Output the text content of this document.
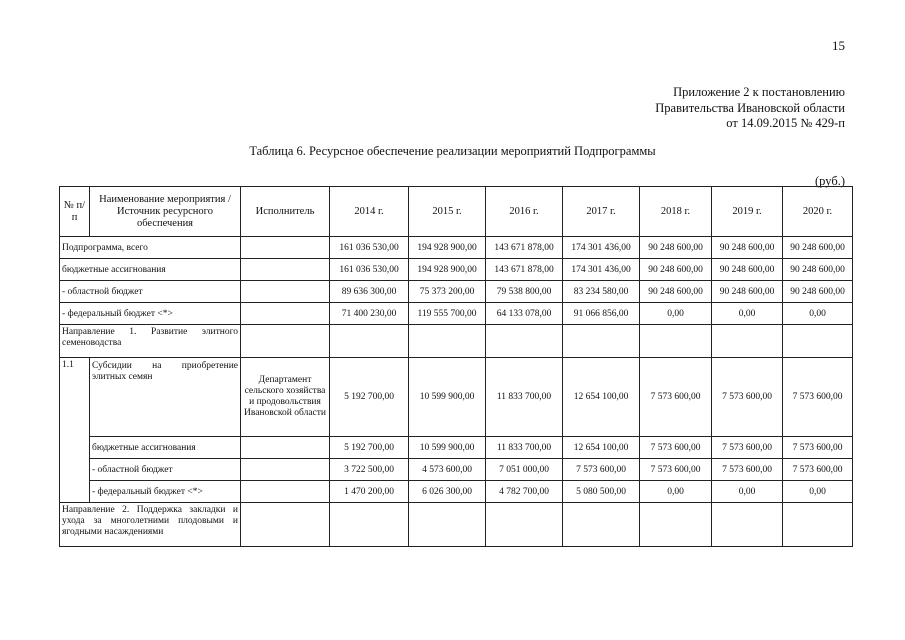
15
Приложение 2 к постановлению
Правительства Ивановской области
от 14.09.2015 № 429-п
Таблица 6. Ресурсное обеспечение реализации мероприятий Подпрограммы
(руб.)
№ п/п	Наименование мероприятия / Источник ресурсного обеспечения	Исполнитель	2014 г.	2015 г.	2016 г.	2017 г.	2018 г.	2019 г.	2020 г.
Подпрограмма, всего			161 036 530,00	194 928 900,00	143 671 878,00	174 301 436,00	90 248 600,00	90 248 600,00	90 248 600,00
бюджетные ассигнования			161 036 530,00	194 928 900,00	143 671 878,00	174 301 436,00	90 248 600,00	90 248 600,00	90 248 600,00
- областной бюджет			89 636 300,00	75 373 200,00	79 538 800,00	83 234 580,00	90 248 600,00	90 248 600,00	90 248 600,00
- федеральный бюджет <*>			71 400 230,00	119 555 700,00	64 133 078,00	91 066 856,00	0,00	0,00	0,00
Направление 1. Развитие элитного семеноводства									
1.1	Субсидии на приобретение элитных семян	Департамент сельского хозяйства и продовольствия Ивановской области	5 192 700,00	10 599 900,00	11 833 700,00	12 654 100,00	7 573 600,00	7 573 600,00	7 573 600,00
	бюджетные ассигнования		5 192 700,00	10 599 900,00	11 833 700,00	12 654 100,00	7 573 600,00	7 573 600,00	7 573 600,00
	- областной бюджет		3 722 500,00	4 573 600,00	7 051 000,00	7 573 600,00	7 573 600,00	7 573 600,00	7 573 600,00
	- федеральный бюджет <*>		1 470 200,00	6 026 300,00	4 782 700,00	5 080 500,00	0,00	0,00	0,00
Направление 2. Поддержка закладки и ухода за многолетними плодовыми и ягодными насаждениями									
